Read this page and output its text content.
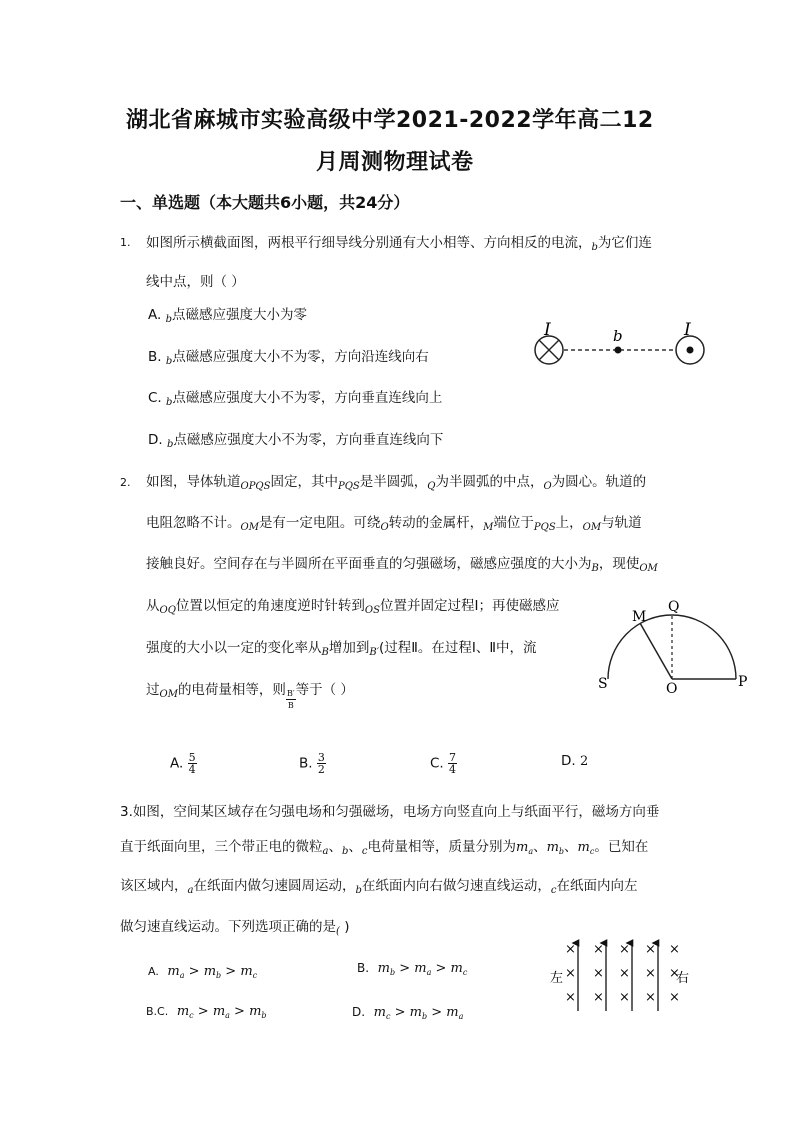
湖北省麻城市实验高级中学2021-2022学年高二12
月周测物理试卷
一、单选题（本大题共6小题，共24分）
1. 如图所示横截面图，两根平行细导线分别通有大小相等、方向相反的电流，$_b$为它们连
线中点，则（ ）
A. $_b$点磁感应强度大小为零
B. $_b$点磁感应强度大小不为零，方向沿连线向右
C. $_b$点磁感应强度大小不为零，方向垂直连线向上
D. $_b$点磁感应强度大小不为零，方向垂直连线向下
I	b	I
2. 如图，导体轨道$_{OPQS}$固定，其中$_{PQS}$是半圆弧，$_Q$为半圆弧的中点，$_O$为圆心。轨道的
电阻忽略不计。$_{OM}$是有一定电阻。可绕$_O$转动的金属杆，$_M$端位于$_{PQS}$上，$_{OM}$与轨道
接触良好。空间存在与半圆所在平面垂直的匀强磁场，磁感应强度的大小为$_B$，现使$_{OM}$
从$_{OQ}$位置以恒定的角速度逆时针转到$_{OS}$位置并固定过程Ⅰ；再使磁感应
强度的大小以一定的变化率从$_B$增加到$_{B'}$(过程Ⅱ。在过程Ⅰ、Ⅱ中，流
过$_{OM}$的电荷量相等，则 $\frac{B'}{B}$ 等于（ ）
A. $\frac{5}{4}$	B. $\frac{3}{2}$	C. $\frac{7}{4}$	D. 2
M
Q
S	O	P
3.如图，空间某区域存在匀强电场和匀强磁场，电场方向竖直向上与纸面平行，磁场方向垂
直于纸面向里，三个带正电的微粒$_a$、$_b$、$_c$电荷量相等，质量分别为$m_a$、$m_b$、$m_c$。已知在
该区域内，$_a$在纸面内做匀速圆周运动，$_b$在纸面内向右做匀速直线运动，$_c$在纸面内向左
做匀速直线运动。下列选项正确的是$_($ )
A. $m_a > m_b > m_c$
B. $m_b > m_a > m_c$
B.C. $m_c > m_a > m_b$	D. $m_c > m_b > m_a$
× × × × ×
× × × × ×
× × × × ×
左	右
